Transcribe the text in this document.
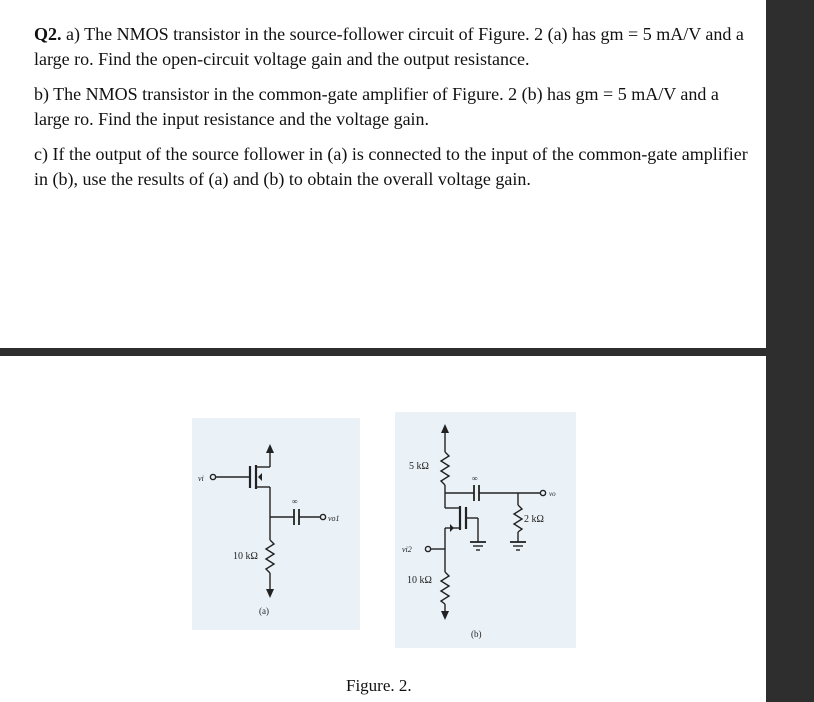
Q2. a) The NMOS transistor in the source-follower circuit of Figure. 2 (a) has gm = 5 mA/V and a large ro. Find the open-circuit voltage gain and the output resistance.

b) The NMOS transistor in the common-gate amplifier of Figure. 2 (b) has gm = 5 mA/V and a large ro. Find the input resistance and the voltage gain.

c) If the output of the source follower in (a) is connected to the input of the common-gate amplifier in (b), use the results of (a) and (b) to obtain the overall voltage gain.

vi
∞
vo1
10 kΩ
(a)
5 kΩ
∞
vo
2 kΩ
vi2
10 kΩ
(b)
Figure. 2.
